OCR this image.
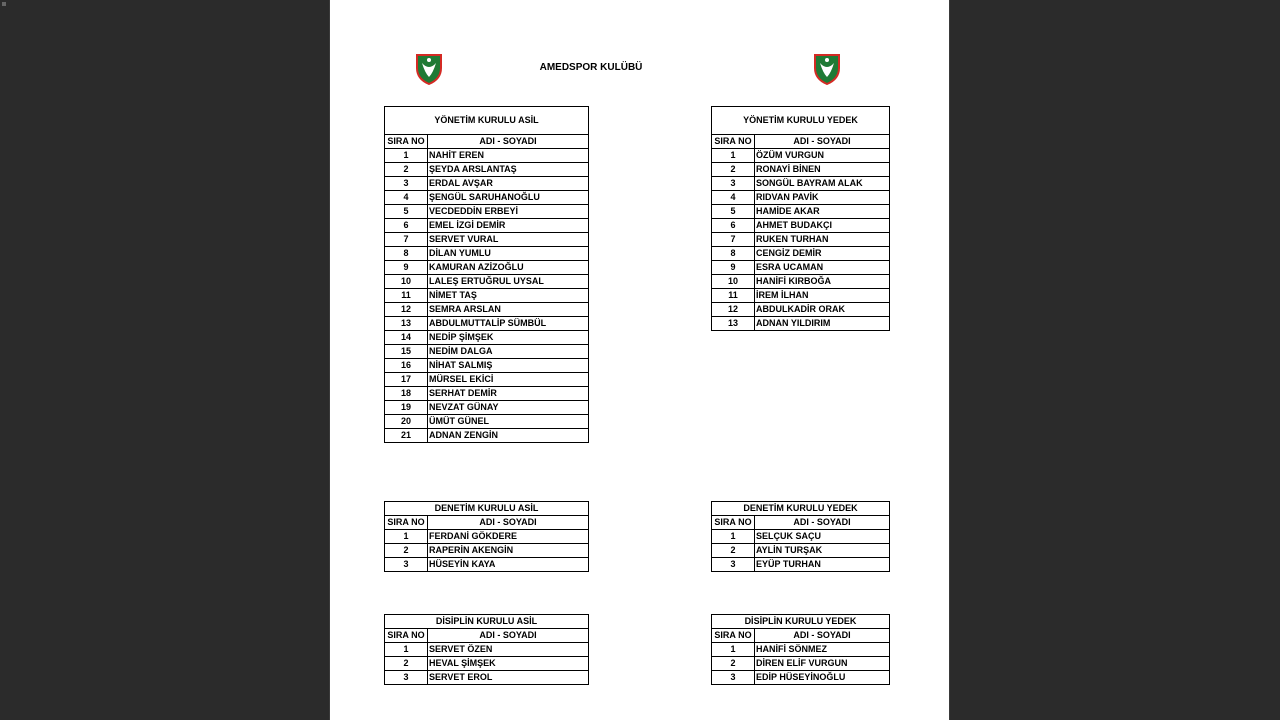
AMEDSPOR KULÜBÜ
YÖNETİM KURULU ASİL	
SIRA NO	ADI - SOYADI
1	NAHİT EREN
2	ŞEYDA ARSLANTAŞ
3	ERDAL AVŞAR
4	ŞENGÜL SARUHANOĞLU
5	VECDEDDİN ERBEYİ
6	EMEL İZGİ DEMİR
7	SERVET VURAL
8	DİLAN YUMLU
9	KAMURAN AZİZOĞLU
10	LALEŞ ERTUĞRUL UYSAL
11	NİMET TAŞ
12	SEMRA ARSLAN
13	ABDULMUTTALİP SÜMBÜL
14	NEDİP ŞİMŞEK
15	NEDİM DALGA
16	NİHAT SALMIŞ
17	MÜRSEL EKİCİ
18	SERHAT DEMİR
19	NEVZAT GÜNAY
20	ÜMÜT GÜNEL
21	ADNAN ZENGİN
YÖNETİM KURULU YEDEK	
SIRA NO	ADI - SOYADI
1	ÖZÜM VURGUN
2	RONAYİ BİNEN
3	SONGÜL BAYRAM ALAK
4	RIDVAN PAVİK
5	HAMİDE AKAR
6	AHMET BUDAKÇI
7	RUKEN TURHAN
8	CENGİZ DEMİR
9	ESRA UCAMAN
10	HANİFİ KIRBOĞA
11	İREM İLHAN
12	ABDULKADİR ORAK
13	ADNAN YILDIRIM
DENETİM KURULU ASİL	
SIRA NO	ADI - SOYADI
1	FERDANİ GÖKDERE
2	RAPERİN AKENGİN
3	HÜSEYİN KAYA
DENETİM KURULU YEDEK	
SIRA NO	ADI - SOYADI
1	SELÇUK SAÇU
2	AYLİN TURŞAK
3	EYÜP TURHAN
DİSİPLİN KURULU ASİL	
SIRA NO	ADI - SOYADI
1	SERVET ÖZEN
2	HEVAL ŞİMŞEK
3	SERVET EROL
DİSİPLİN KURULU YEDEK	
SIRA NO	ADI - SOYADI
1	HANİFİ SÖNMEZ
2	DİREN ELİF VURGUN
3	EDİP HÜSEYİNOĞLU
